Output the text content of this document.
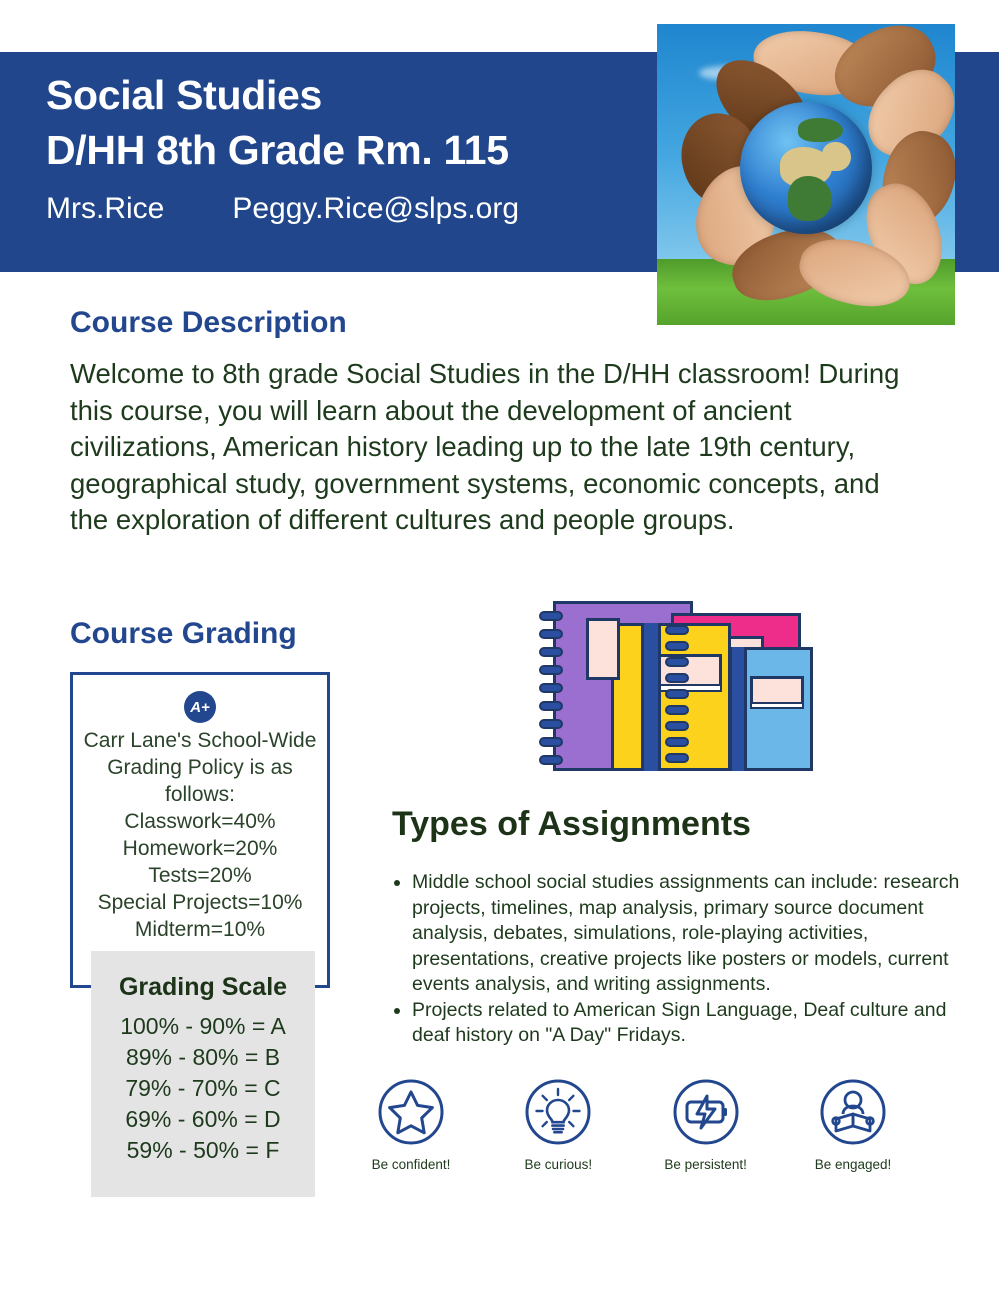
Social Studies
D/HH 8th Grade Rm. 115
Mrs.Rice Peggy.Rice@slps.org
Course Description
Welcome to 8th grade Social Studies in the D/HH classroom! During this course, you will learn about the development of ancient civilizations, American history leading up to the late 19th century, geographical study, government systems, economic concepts, and the exploration of different cultures and people groups.
Course Grading
A+
Carr Lane's School-Wide Grading Policy is as follows:
Classwork=40%
Homework=20%
Tests=20%
Special Projects=10%
Midterm=10%
Grading Scale
100% - 90% = A
89% - 80% = B
79% - 70% = C
69% - 60% = D
59% - 50% = F
Types of Assignments
• Middle school social studies assignments can include: research projects, timelines, map analysis, primary source document analysis, debates, simulations, role-playing activities, presentations, creative projects like posters or models, current events analysis, and writing assignments.
• Projects related to American Sign Language, Deaf culture and deaf history on "A Day" Fridays.
Be confident!	Be curious!	Be persistent!	Be engaged!
